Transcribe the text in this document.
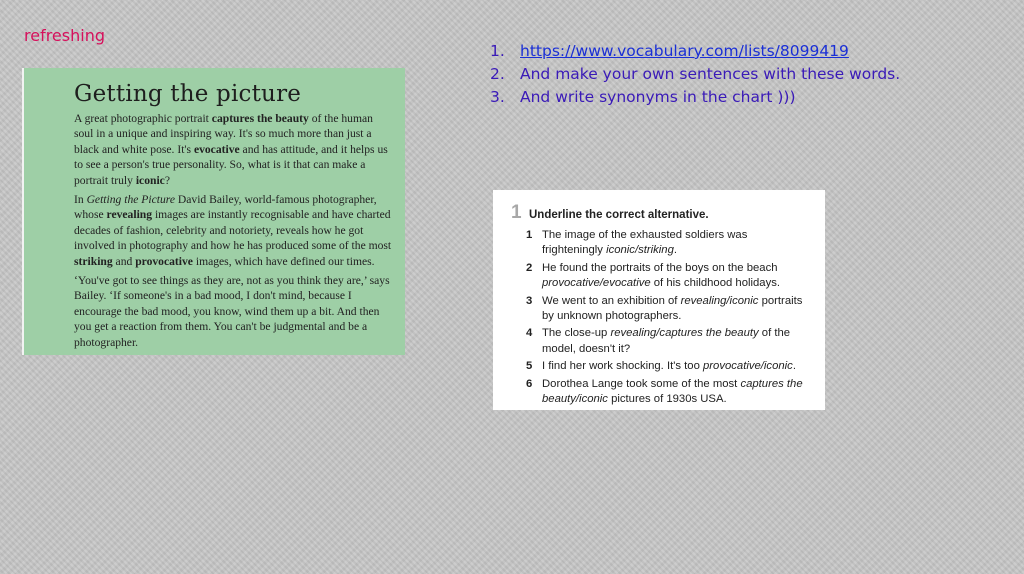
refreshing
1. https://www.vocabulary.com/lists/8099419
2. And make your own sentences with these words.
3. And write synonyms in the chart )))
Getting the picture

A great photographic portrait captures the beauty of the human soul in a unique and inspiring way. It's so much more than just a black and white pose. It's evocative and has attitude, and it helps us to see a person's true personality. So, what is it that can make a portrait truly iconic?

In Getting the Picture David Bailey, world-famous photographer, whose revealing images are instantly recognisable and have charted decades of fashion, celebrity and notoriety, reveals how he got involved in photography and how he has produced some of the most striking and provocative images, which have defined our times.

‘You've got to see things as they are, not as you think they are,’ says Bailey. ‘If someone's in a bad mood, I don't mind, because I encourage the bad mood, you know, wind them up a bit. And then you get a reaction from them. You can't be judgmental and be a photographer.

1 Underline the correct alternative.
1 The image of the exhausted soldiers was frighteningly iconic/striking.
2 He found the portraits of the boys on the beach provocative/evocative of his childhood holidays.
3 We went to an exhibition of revealing/iconic portraits by unknown photographers.
4 The close-up revealing/captures the beauty of the model, doesn't it?
5 I find her work shocking. It's too provocative/iconic.
6 Dorothea Lange took some of the most captures the beauty/iconic pictures of 1930s USA.
